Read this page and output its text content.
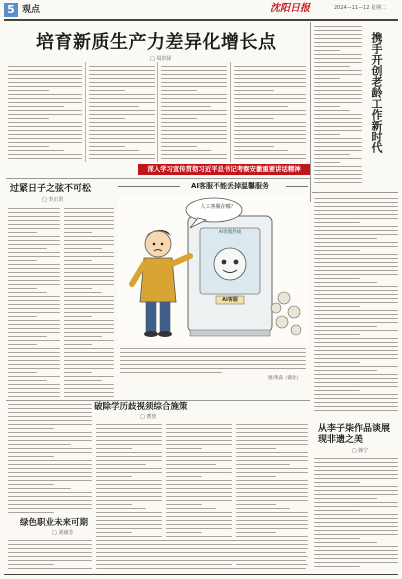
5 观点	沈阳日报	2024—11—12 星期二
培育新质生产力差异化增长点
□ 周洪驿
深入学习宣传贯彻习近平总书记考察安徽重要讲话精神
过紧日子之弦不可松
□ 李正洪
AI客服不能丢掉温馨服务
人工客服在哪？
AI客服
AI客服热线
图/黄淼（湖北）
携手开创老龄工作新时代
从李子柒作品谈展现非遗之美
□ 韩宁
破除学历歧视须综合施策
□ 曹放
绿色职业未来可期
□ 刘丽芳
